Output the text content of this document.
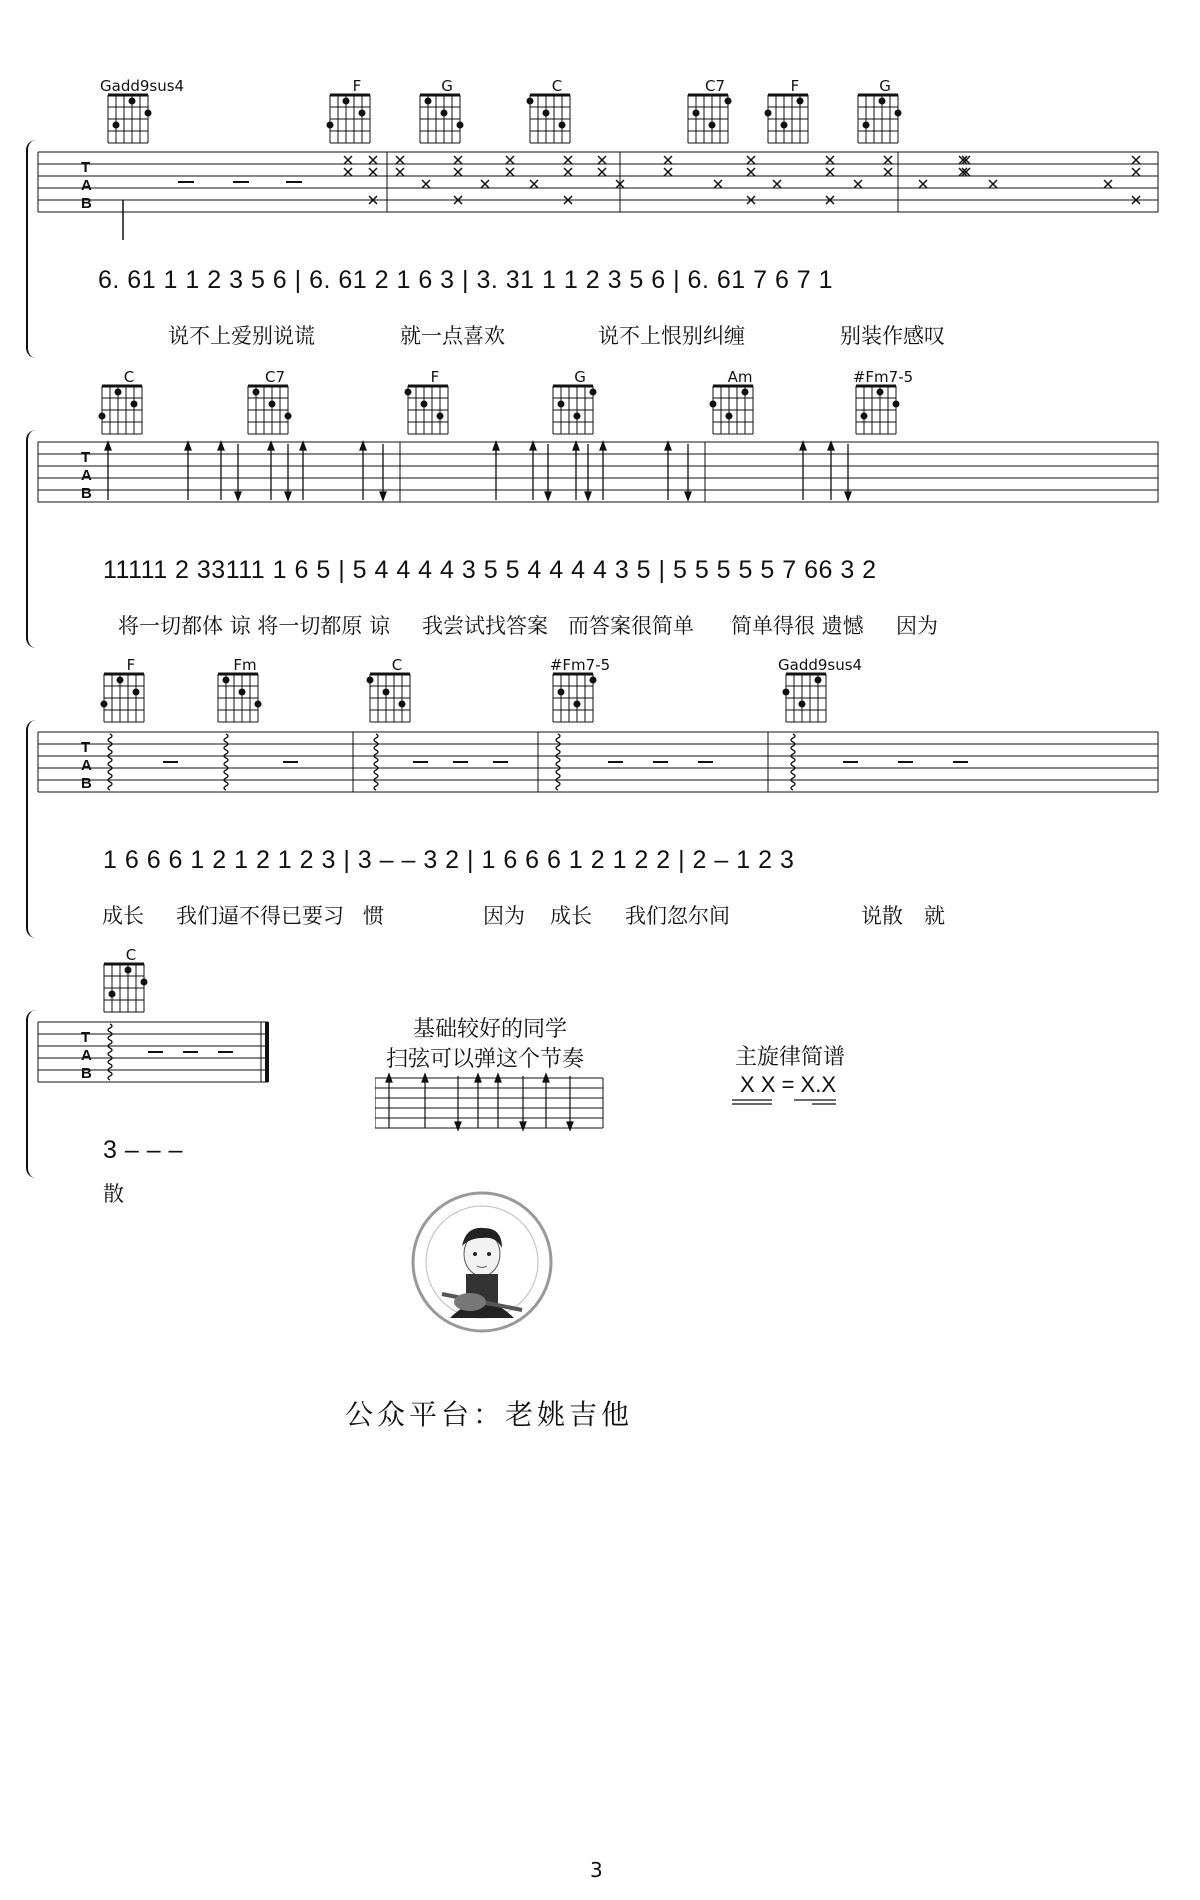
Gadd9sus4	F	G	C	C7	F	G
T
A
B
6. 61 1 1 2 3 5 6 | 6. 61 2 1 6 3 | 3. 31 1 1 2 3 5 6 | 6. 61 7 6 7 1
说不上爱别说谎	就一点喜欢	说不上恨别纠缠	别装作感叹
C	C7	F	G	Am	#Fm7-5
T
A
B
11111 2 33111 1 6 5 | 5 4 4 4 4 3 5 5 4 4 4 4 3 5 | 5 5 5 5 5 7 66 3 2
将一切都体 谅 将一切都原 谅 我尝试找答案 而答案很简单 简单得很 遗憾 因为
F	Fm	C	#Fm7-5	Gadd9sus4
T
A
B
1 6 6 6 1 2 1 2 1 2 3 | 3 – – 3 2 | 1 6 6 6 1 2 1 2 2 | 2 – 1 2 3
成长 我们逼不得已要习 惯	因为 成长 我们忽尔间	说散 就
C
T
A
B
3 – – –
散
基础较好的同学
扫弦可以弹这个节奏	主旋律简谱
X X = X.X
公众平台：老姚吉他
3
